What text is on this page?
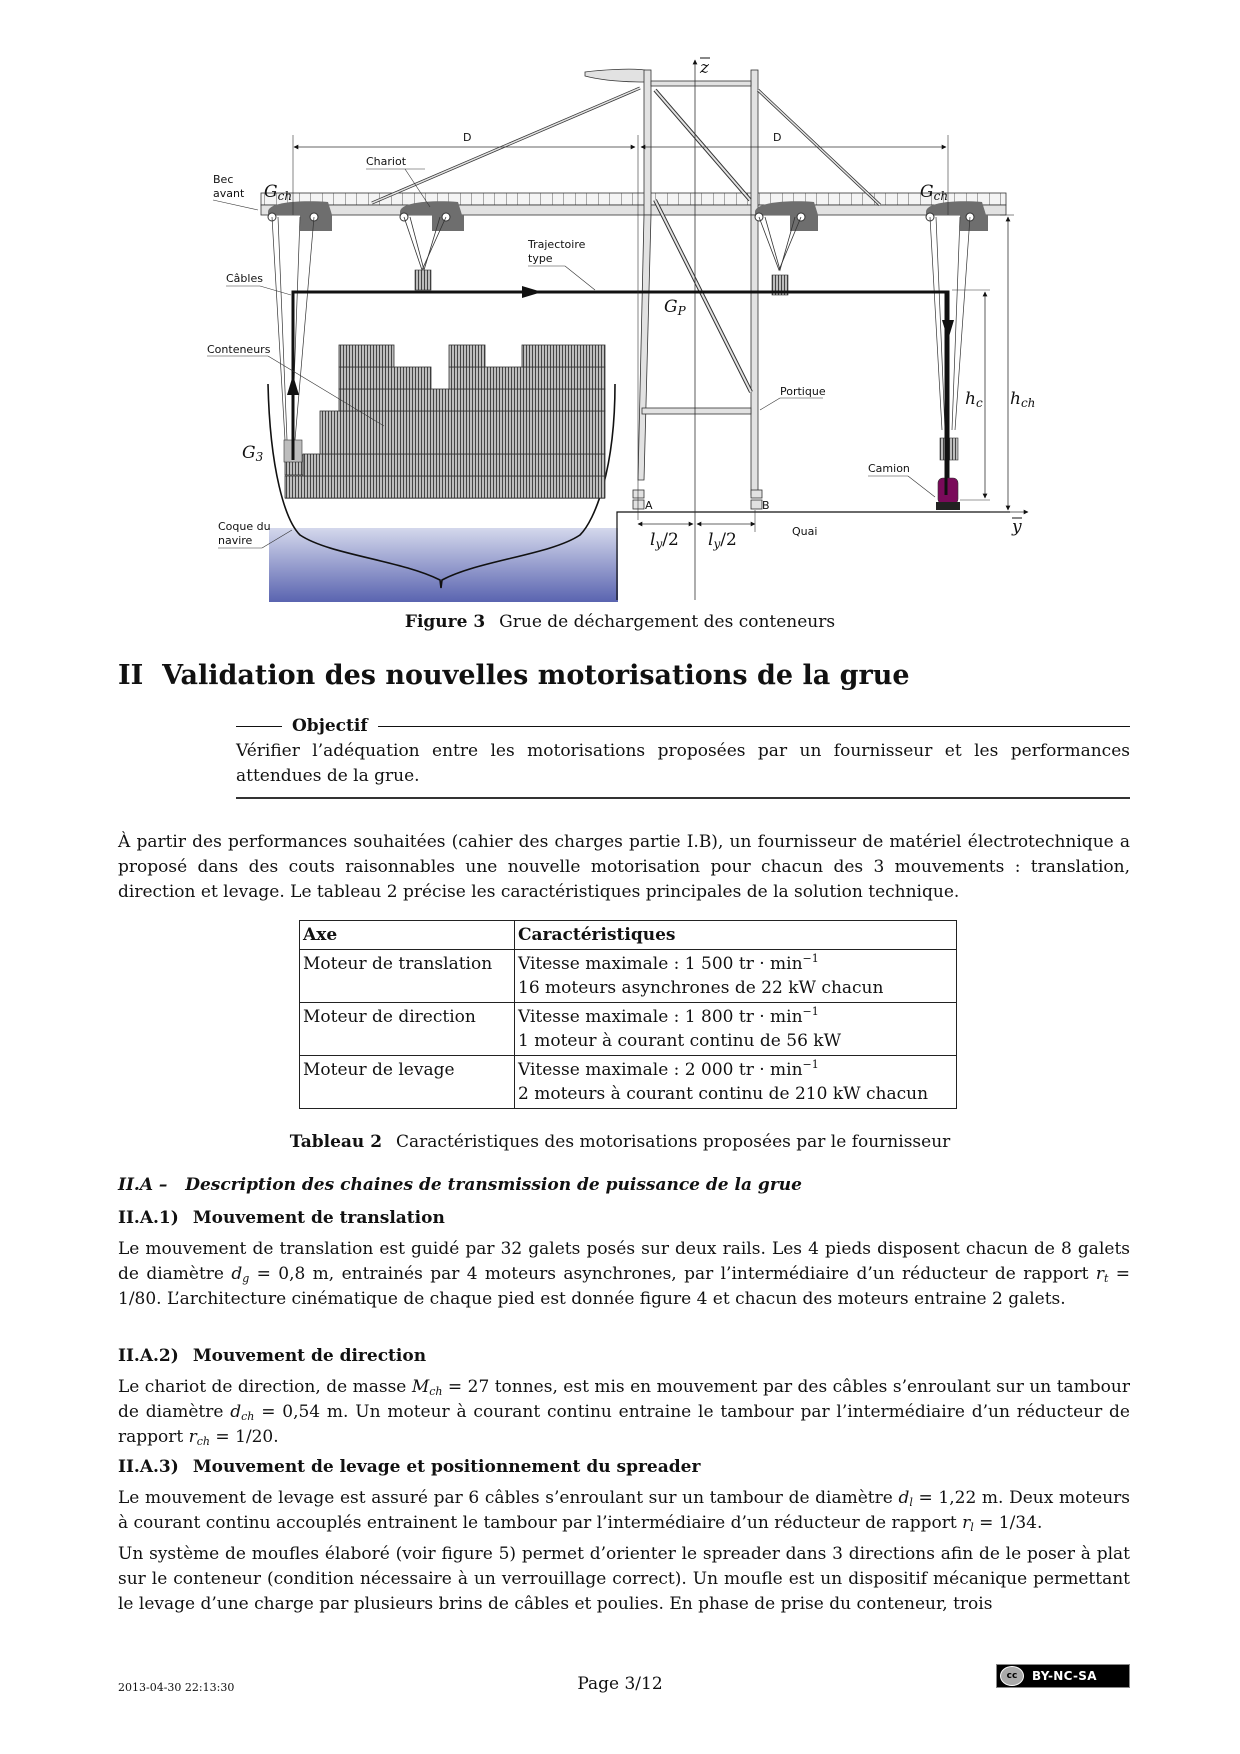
z
D	D
Bec
avant
Chariot
Trajectoire
type
Câbles
Conteneurs
Coque du
navire
Portique
Camion
Quai
A	B
Gch	Gch
GP
G3
hc hch
y
ly/2 ly/2
Figure 3 Grue de déchargement des conteneurs
II Validation des nouvelles motorisations de la grue
Objectif
Vérifier l’adéquation entre les motorisations proposées par un fournisseur et les performances attendues de la grue.
À partir des performances souhaitées (cahier des charges partie I.B), un fournisseur de matériel électrotechnique a proposé dans des couts raisonnables une nouvelle motorisation pour chacun des 3 mouvements : translation, direction et levage. Le tableau 2 précise les caractéristiques principales de la solution technique.
Axe	Caractéristiques
Moteur de translation	Vitesse maximale : 1 500 tr · $\min^{-1}$
16 moteurs asynchrones de 22 kW chacun
Moteur de direction	Vitesse maximale : 1 800 tr · $\min^{-1}$
1 moteur à courant continu de 56 kW
Moteur de levage	Vitesse maximale : 2 000 tr · $\min^{-1}$
2 moteurs à courant continu de 210 kW chacun
Tableau 2 Caractéristiques des motorisations proposées par le fournisseur
II.A – Description des chaines de transmission de puissance de la grue
II.A.1) Mouvement de translation
Le mouvement de translation est guidé par 32 galets posés sur deux rails. Les 4 pieds disposent chacun de 8 galets de diamètre $d_g = 0,8$ m, entrainés par 4 moteurs asynchrones, par l’intermédiaire d’un réducteur de rapport $r_t = 1/80$. L’architecture cinématique de chaque pied est donnée figure 4 et chacun des moteurs entraine 2 galets.
II.A.2) Mouvement de direction
Le chariot de direction, de masse $M_{ch} = 27$ tonnes, est mis en mouvement par des câbles s’enroulant sur un tambour de diamètre $d_{ch} = 0,54$ m. Un moteur à courant continu entraine le tambour par l’intermédiaire d’un réducteur de rapport $r_{ch} = 1/20$.
II.A.3) Mouvement de levage et positionnement du spreader
Le mouvement de levage est assuré par 6 câbles s’enroulant sur un tambour de diamètre $d_l = 1,22$ m. Deux moteurs à courant continu accouplés entrainent le tambour par l’intermédiaire d’un réducteur de rapport $r_l = 1/34$.
Un système de moufles élaboré (voir figure 5) permet d’orienter le spreader dans 3 directions afin de le poser à plat sur le conteneur (condition nécessaire à un verrouillage correct). Un moufle est un dispositif mécanique permettant le levage d’une charge par plusieurs brins de câbles et poulies. En phase de prise du conteneur, trois
2013-04-30 22:13:30	Page 3/12	cc	BY-NC-SA
